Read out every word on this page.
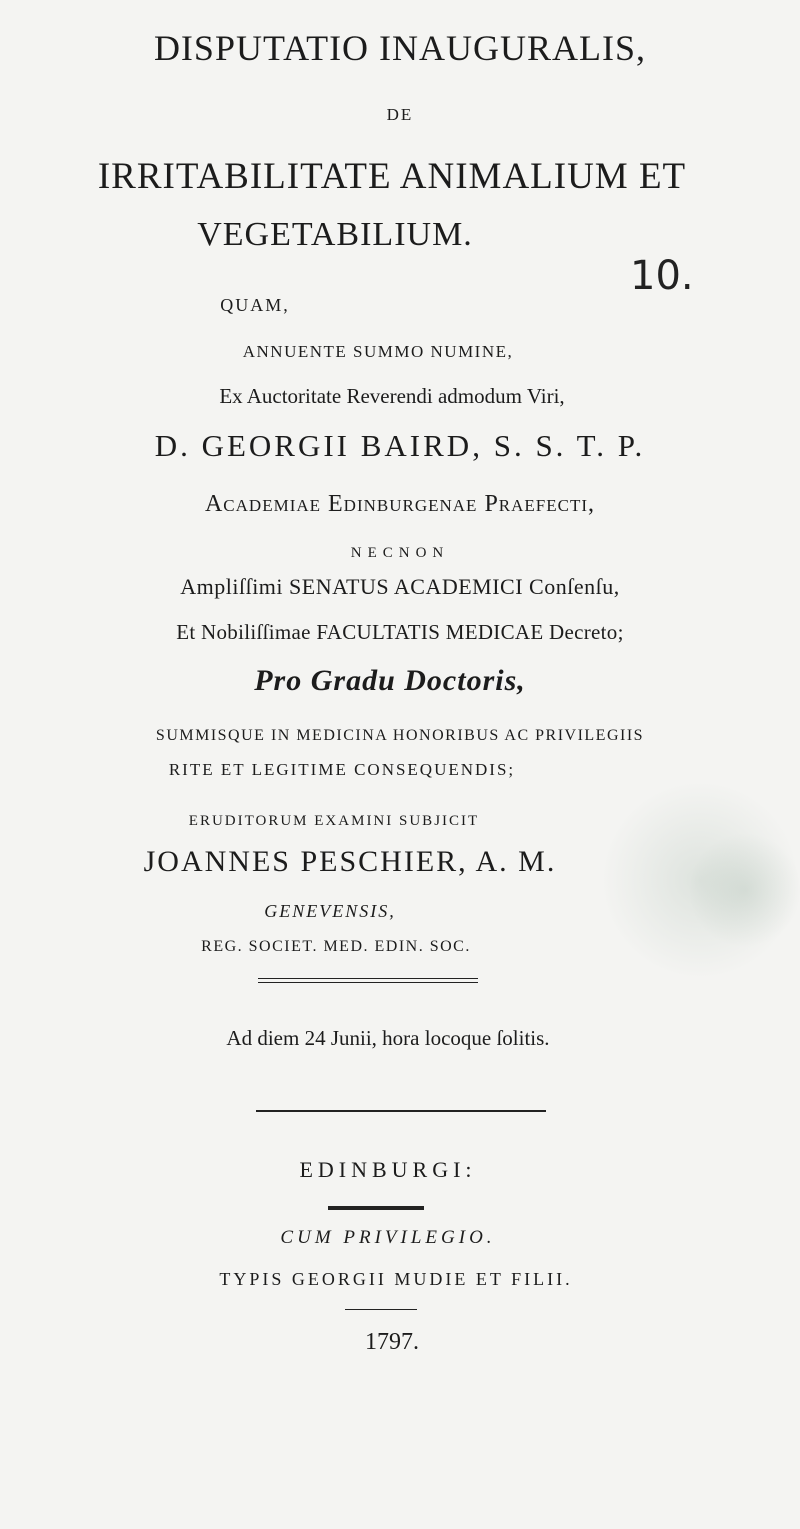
DISPUTATIO INAUGURALIS,
DE
IRRITABILITATE ANIMALIUM ET
VEGETABILIUM.
10.
QUAM,
ANNUENTE SUMMO NUMINE,
Ex Auctoritate Reverendi admodum Viri,
D. GEORGII BAIRD, S. S. T. P.
Academiae Edinburgenae Praefecti,
NECNON
Ampliſſimi SENATUS ACADEMICI Conſenſu,
Et Nobiliſſimae FACULTATIS MEDICAE Decreto;
Pro Gradu Doctoris,
SUMMISQUE IN MEDICINA HONORIBUS AC PRIVILEGIIS
RITE ET LEGITIME CONSEQUENDIS;
ERUDITORUM EXAMINI SUBJICIT
JOANNES PESCHIER, A. M.
GENEVENSIS,
REG. SOCIET. MED. EDIN. SOC.
Ad diem 24 Junii, hora locoque ſolitis.
EDINBURGI:
CUM PRIVILEGIO.
TYPIS GEORGII MUDIE ET FILII.
1797.
